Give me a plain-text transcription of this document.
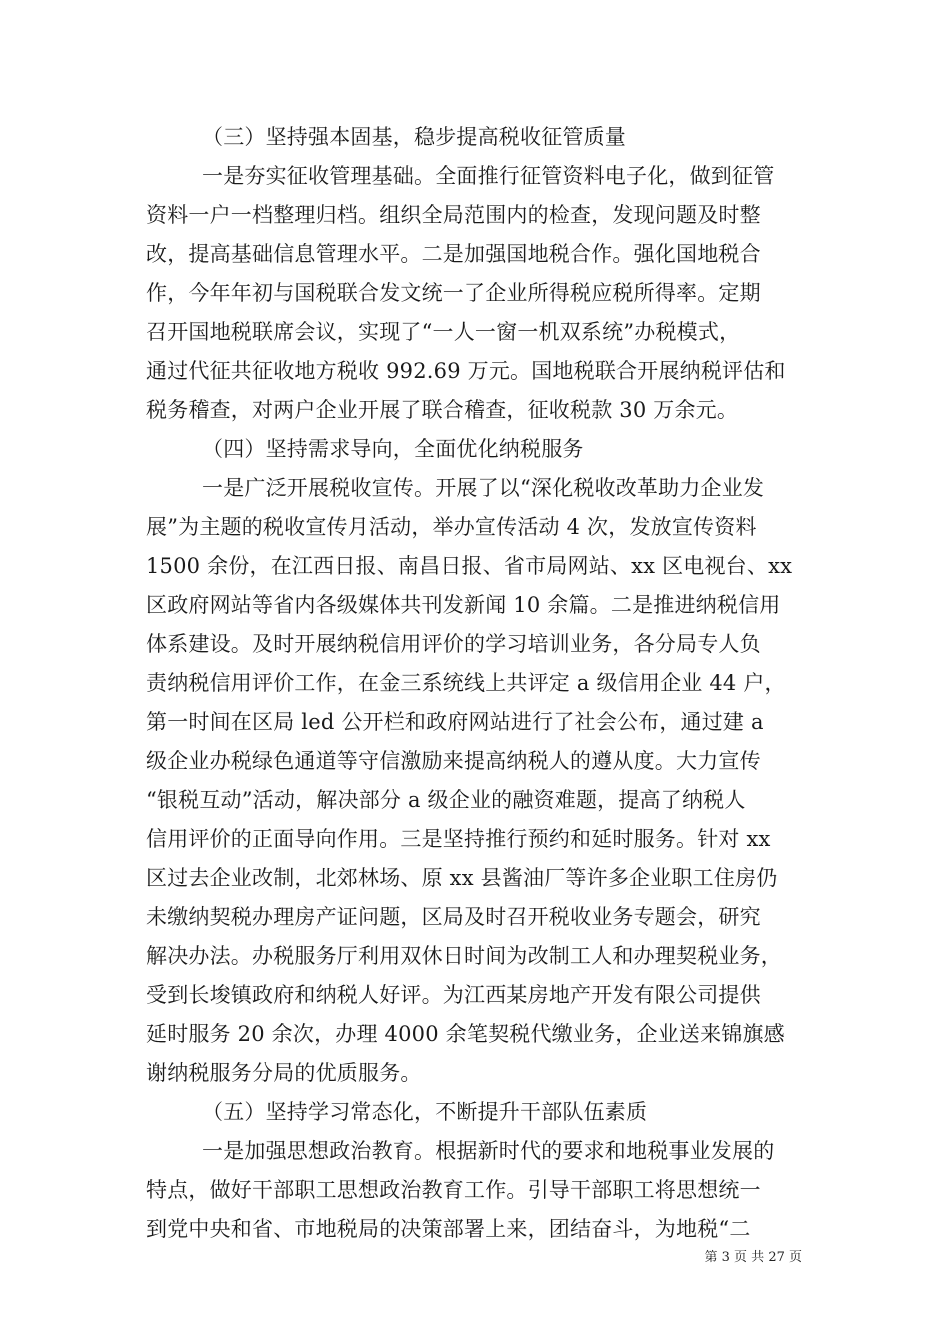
（三）坚持强本固基，稳步提高税收征管质量
一是夯实征收管理基础。全面推行征管资料电子化，做到征管
资料一户一档整理归档。组织全局范围内的检查，发现问题及时整
改，提高基础信息管理水平。二是加强国地税合作。强化国地税合
作，今年年初与国税联合发文统一了企业所得税应税所得率。定期
召开国地税联席会议，实现了“一人一窗一机双系统”办税模式，
通过代征共征收地方税收 992.69 万元。国地税联合开展纳税评估和
税务稽查，对两户企业开展了联合稽查，征收税款 30 万余元。
（四）坚持需求导向，全面优化纳税服务
一是广泛开展税收宣传。开展了以“深化税收改革助力企业发
展”为主题的税收宣传月活动，举办宣传活动 4 次，发放宣传资料
1500 余份，在江西日报、南昌日报、省市局网站、xx 区电视台、xx
区政府网站等省内各级媒体共刊发新闻 10 余篇。二是推进纳税信用
体系建设。及时开展纳税信用评价的学习培训业务，各分局专人负
责纳税信用评价工作，在金三系统线上共评定 a 级信用企业 44 户，
第一时间在区局 led 公开栏和政府网站进行了社会公布，通过建 a
级企业办税绿色通道等守信激励来提高纳税人的遵从度。大力宣传
“银税互动”活动，解决部分 a 级企业的融资难题，提高了纳税人
信用评价的正面导向作用。三是坚持推行预约和延时服务。针对 xx
区过去企业改制，北郊林场、原 xx 县酱油厂等许多企业职工住房仍
未缴纳契税办理房产证问题，区局及时召开税收业务专题会，研究
解决办法。办税服务厅利用双休日时间为改制工人和办理契税业务，
受到长埈镇政府和纳税人好评。为江西某房地产开发有限公司提供
延时服务 20 余次，办理 4000 余笔契税代缴业务，企业送来锦旗感
谢纳税服务分局的优质服务。
（五）坚持学习常态化，不断提升干部队伍素质
一是加强思想政治教育。根据新时代的要求和地税事业发展的
特点，做好干部职工思想政治教育工作。引导干部职工将思想统一
到党中央和省、市地税局的决策部署上来，团结奋斗，为地税“二
第 3 页 共 27 页
